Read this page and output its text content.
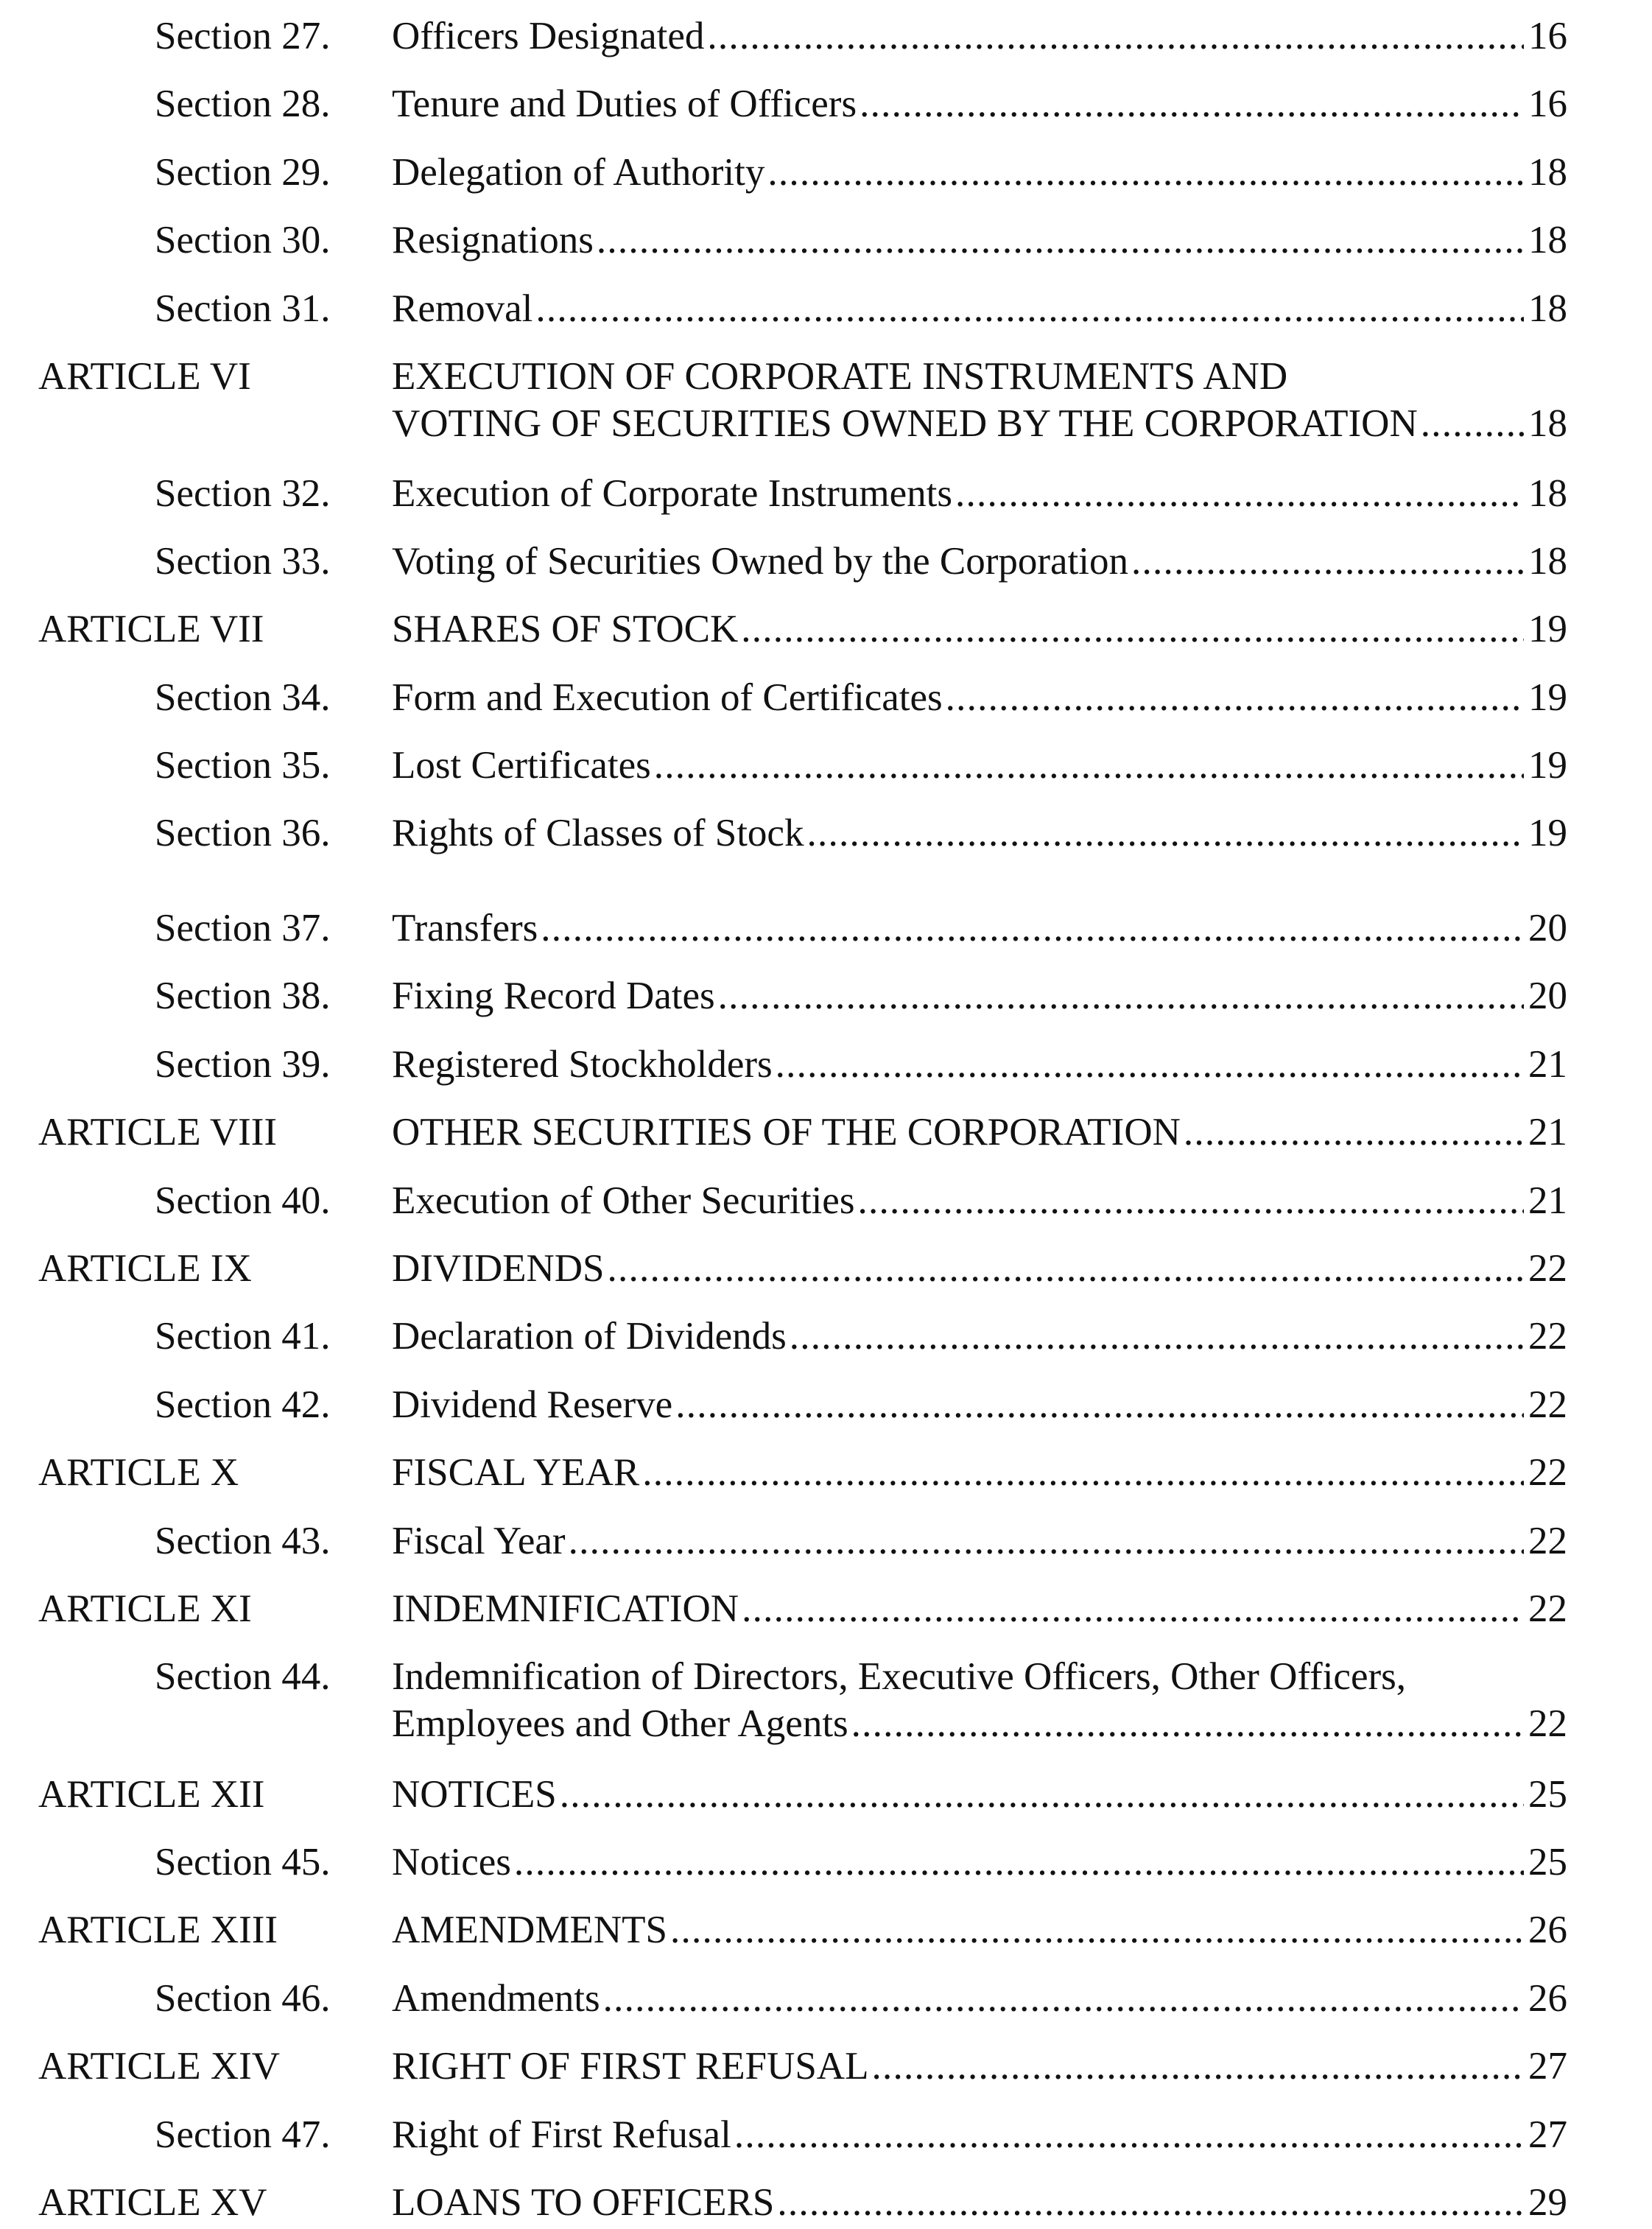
Section 27. Officers Designated . . .	16
Section 28. Tenure and Duties of Officers . . .	16
Section 29. Delegation of Authority . . .	18
Section 30. Resignations . . .	18
Section 31. Removal . . .	18
ARTICLE VI	EXECUTION OF CORPORATE INSTRUMENTS AND
VOTING OF SECURITIES OWNED BY THE CORPORATION . . .	18
Section 32. Execution of Corporate Instruments . . .	18
Section 33. Voting of Securities Owned by the Corporation . . .	18
ARTICLE VII	SHARES OF STOCK . . .	19
Section 34. Form and Execution of Certificates . . .	19
Section 35. Lost Certificates . . .	19
Section 36. Rights of Classes of Stock . . .	19
Section 37. Transfers . . .	20
Section 38. Fixing Record Dates . . .	20
Section 39. Registered Stockholders . . .	21
ARTICLE VIII	OTHER SECURITIES OF THE CORPORATION . . .	21
Section 40. Execution of Other Securities . . .	21
ARTICLE IX	DIVIDENDS . . .	22
Section 41. Declaration of Dividends . . .	22
Section 42. Dividend Reserve . . .	22
ARTICLE X	FISCAL YEAR . . .	22
Section 43. Fiscal Year . . .	22
ARTICLE XI	INDEMNIFICATION . . .	22
Section 44. Indemnification of Directors, Executive Officers, Other Officers,
Employees and Other Agents . . .	22
ARTICLE XII	NOTICES . . .	25
Section 45. Notices . . .	25
ARTICLE XIII	AMENDMENTS . . .	26
Section 46. Amendments . . .	26
ARTICLE XIV	RIGHT OF FIRST REFUSAL . . .	27
Section 47. Right of First Refusal . . .	27
ARTICLE XV	LOANS TO OFFICERS . . .	29
